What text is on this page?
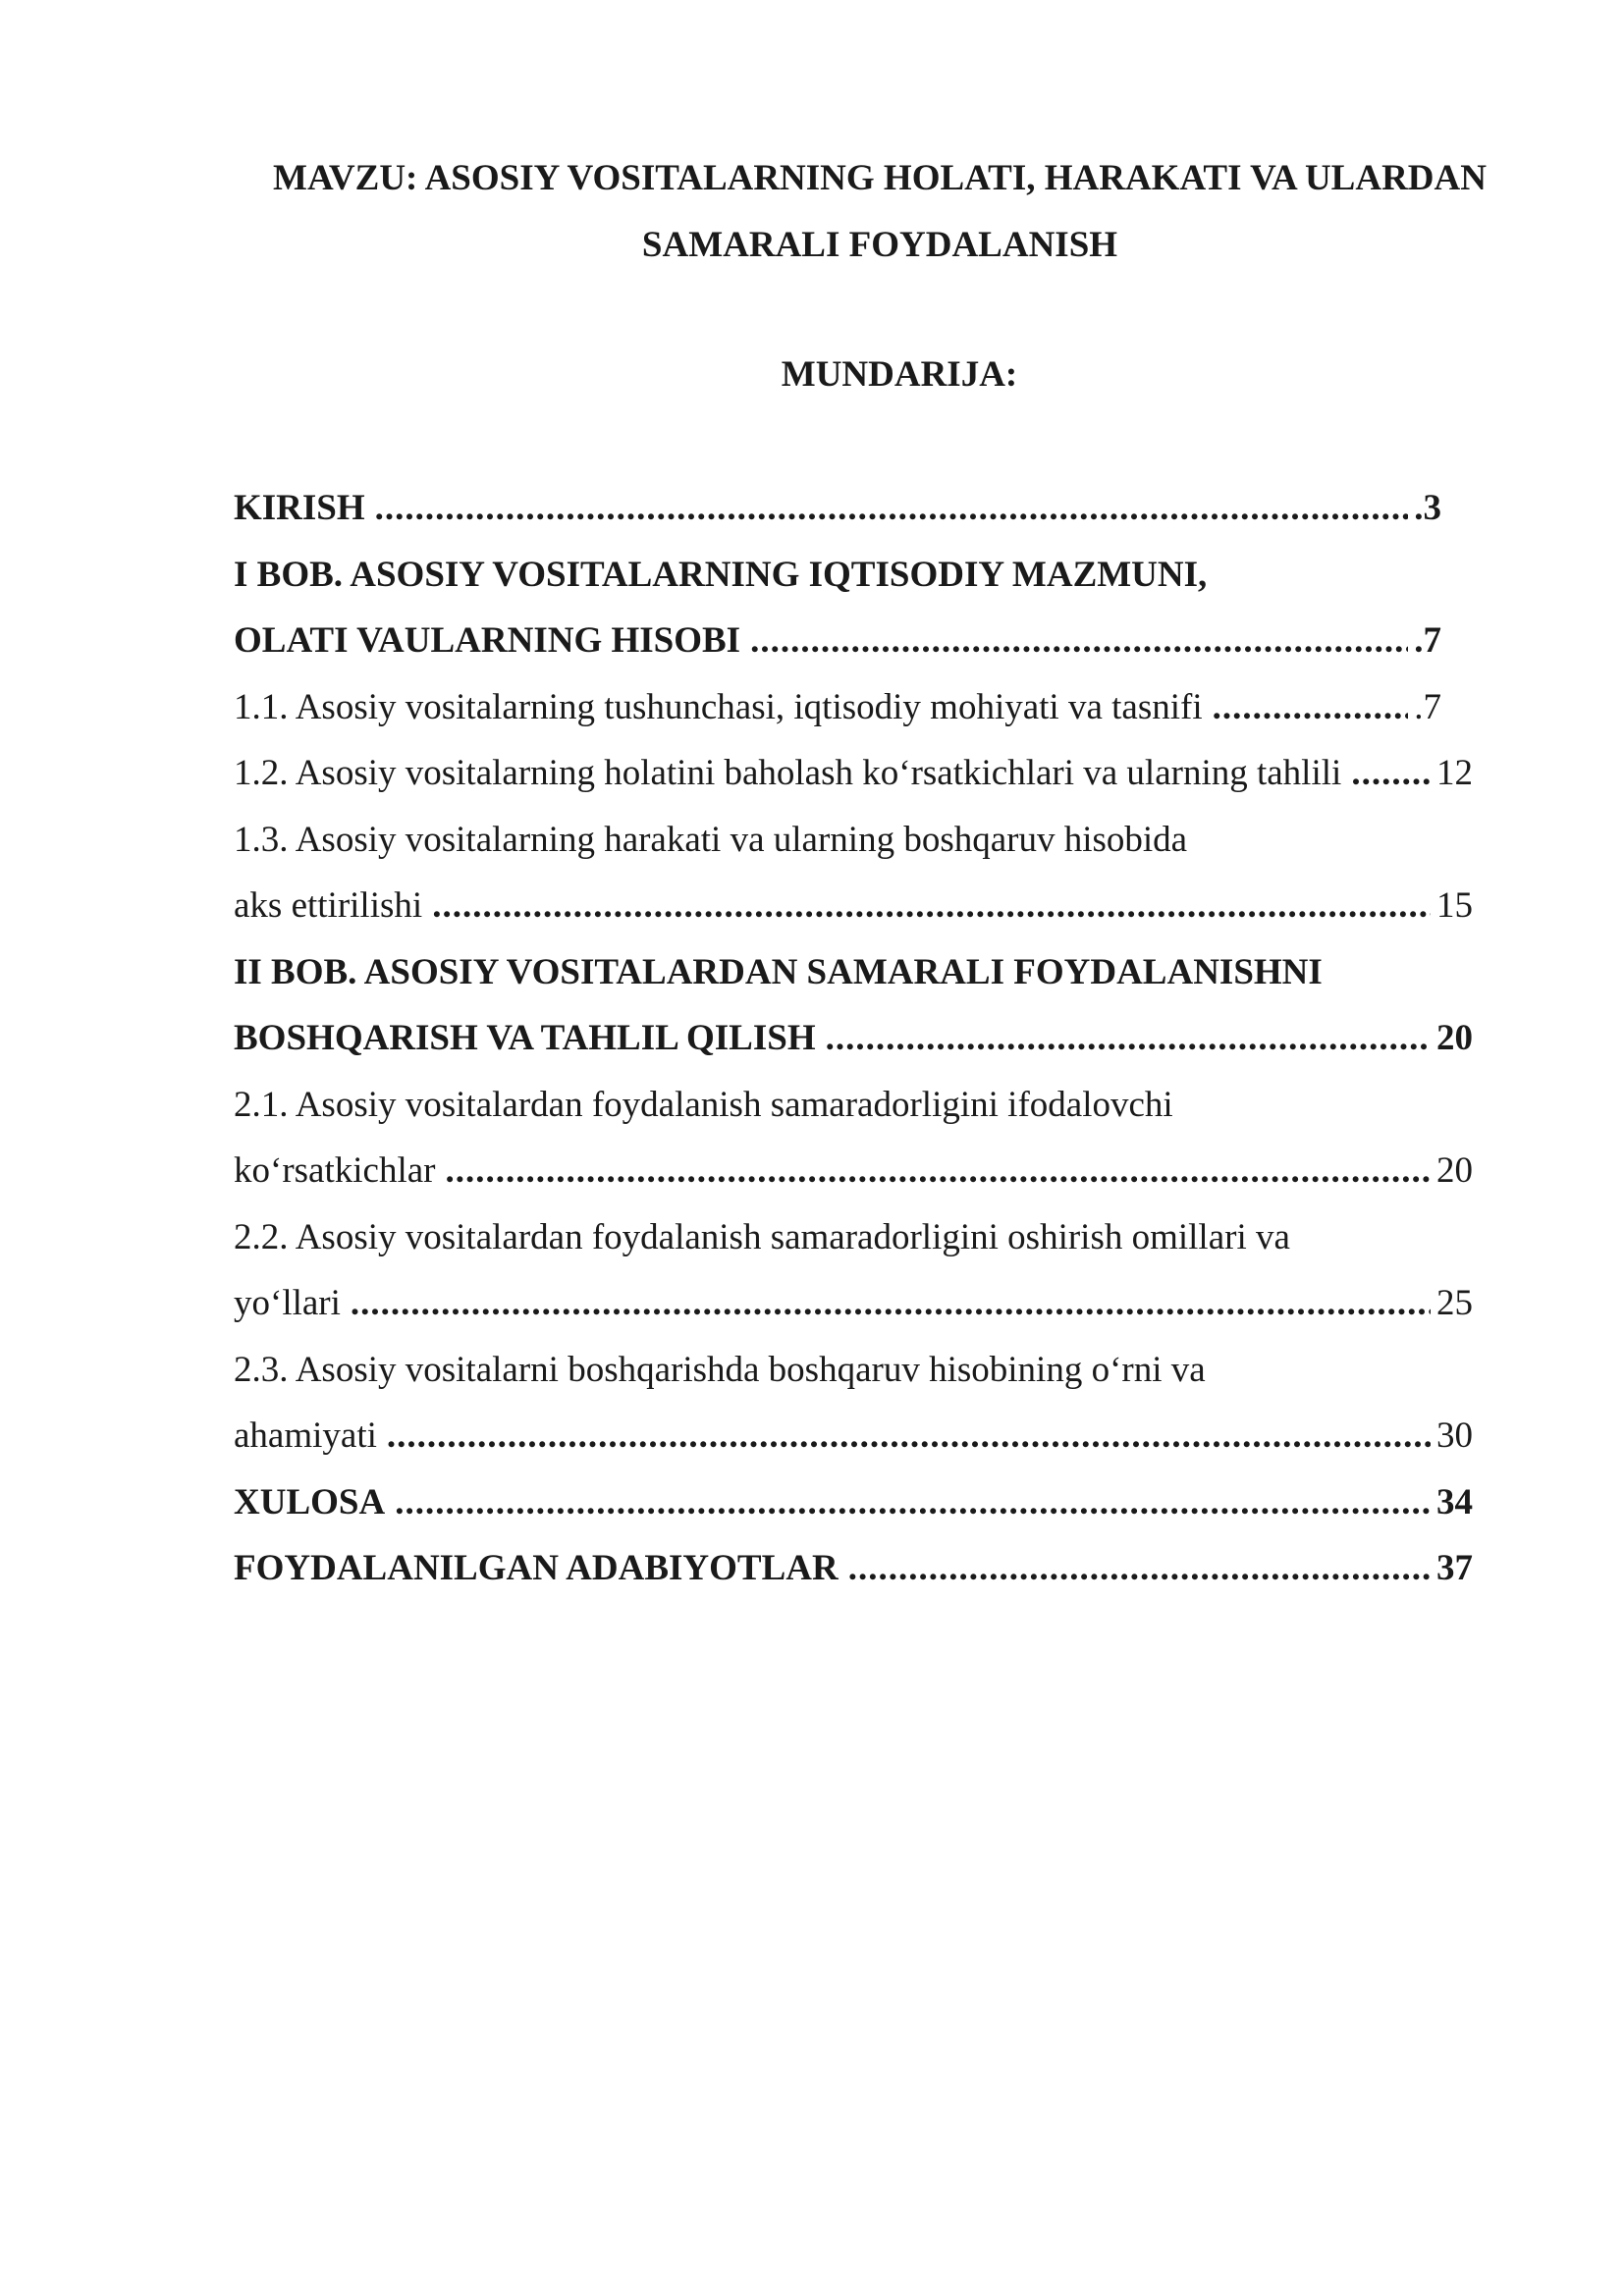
MAVZU: ASOSIY VOSITALARNING HOLATI, HARAKATI VA ULARDAN

SAMARALI FOYDALANISH

MUNDARIJA:

KIRISH .....	.3
I BOB. ASOSIY VOSITALARNING IQTISODIY MAZMUNI,
OLATI VAULARNING HISOBI .....	.7
1.1. Asosiy vositalarning tushunchasi, iqtisodiy mohiyati va tasnifi .....	.7
1.2. Asosiy vositalarning holatini baholash ko‘rsatkichlari va ularning tahlili .....	12
1.3. Asosiy vositalarning harakati va ularning boshqaruv hisobida
aks ettirilishi .....	15
II BOB. ASOSIY VOSITALARDAN SAMARALI FOYDALANISHNI
BOSHQARISH VA TAHLIL QILISH .....	20
2.1. Asosiy vositalardan foydalanish samaradorligini ifodalovchi
ko‘rsatkichlar .....	20
2.2. Asosiy vositalardan foydalanish samaradorligini oshirish omillari va
yo‘llari .....	25
2.3. Asosiy vositalarni boshqarishda boshqaruv hisobining o‘rni va
ahamiyati .....	30
XULOSA .....	34
FOYDALANILGAN ADABIYOTLAR .....	37
